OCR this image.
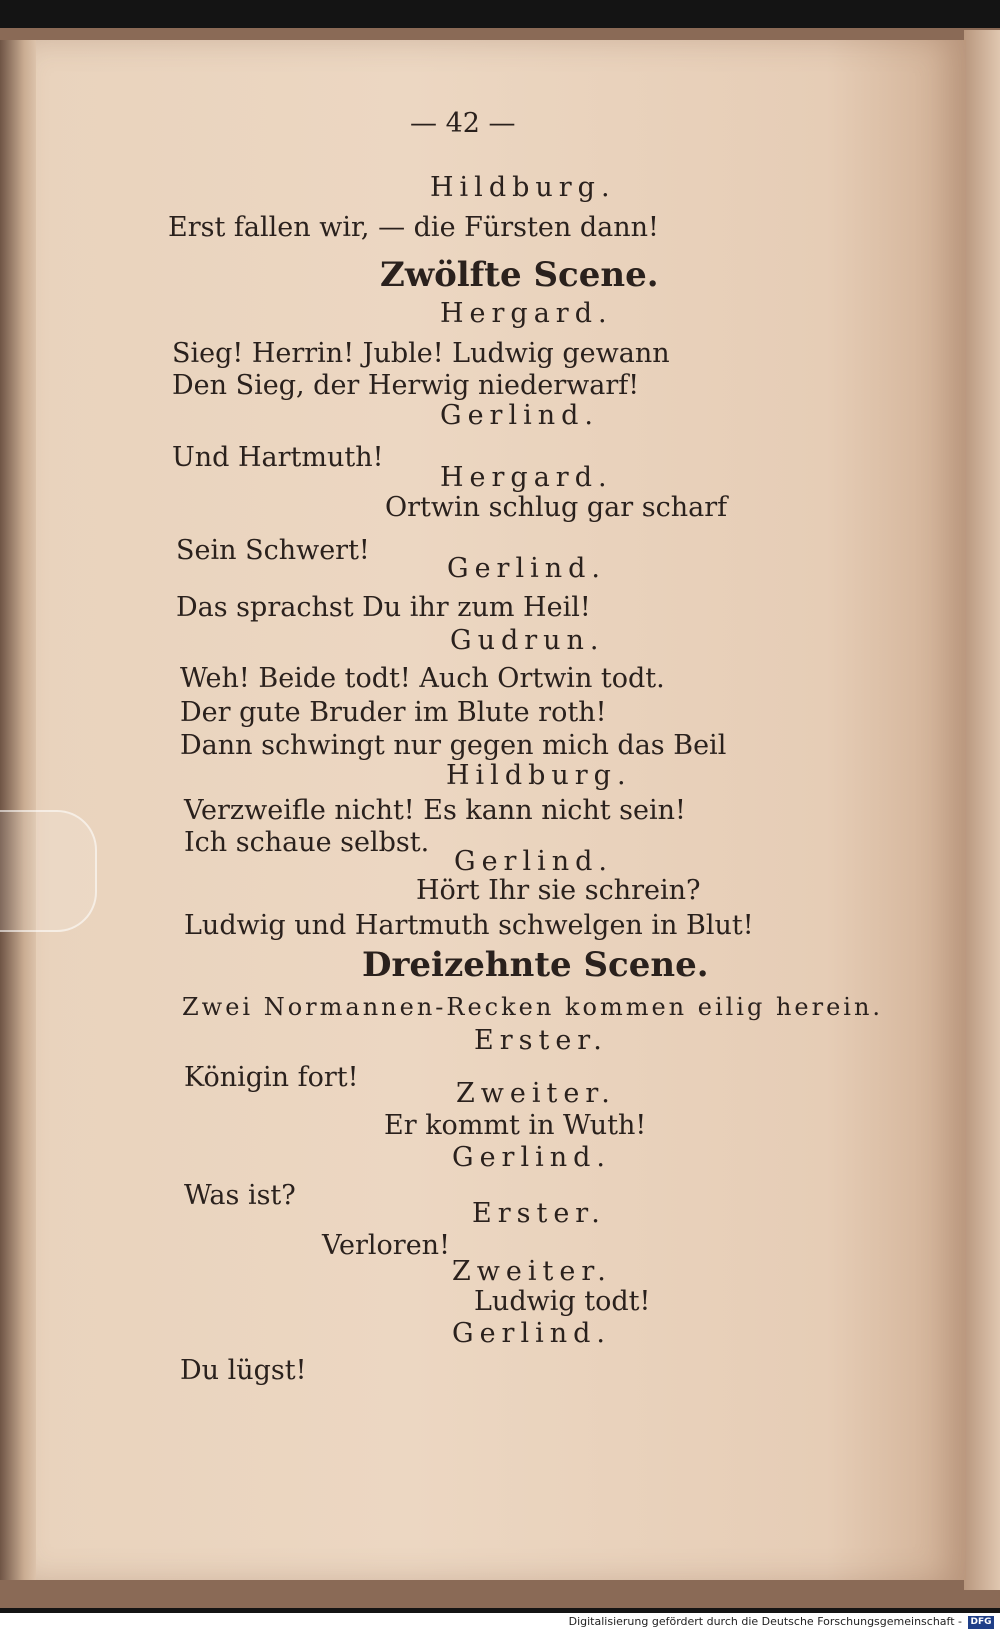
— 42 —
Hildburg.
Erst fallen wir, — die Fürsten dann!
Zwölfte Scene.
Hergard.
Sieg! Herrin! Juble! Ludwig gewann
Den Sieg, der Herwig niederwarf!
Gerlind.
Und Hartmuth!
Hergard.
Ortwin schlug gar scharf
Sein Schwert!
Gerlind.
Das sprachst Du ihr zum Heil!
Gudrun.
Weh! Beide todt! Auch Ortwin todt.
Der gute Bruder im Blute roth!
Dann schwingt nur gegen mich das Beil
Hildburg.
Verzweifle nicht! Es kann nicht sein!
Ich schaue selbst.
Gerlind.
Hört Ihr sie schrein?
Ludwig und Hartmuth schwelgen in Blut!
Dreizehnte Scene.
Zwei Normannen-Recken kommen eilig herein.
Erster.
Königin fort!
Zweiter.
Er kommt in Wuth!
Gerlind.
Was ist?
Erster.
Verloren!
Zweiter.
Ludwig todt!
Gerlind.
Du lügst!
Digitalisierung gefördert durch die Deutsche Forschungsgemeinschaft - DFG
